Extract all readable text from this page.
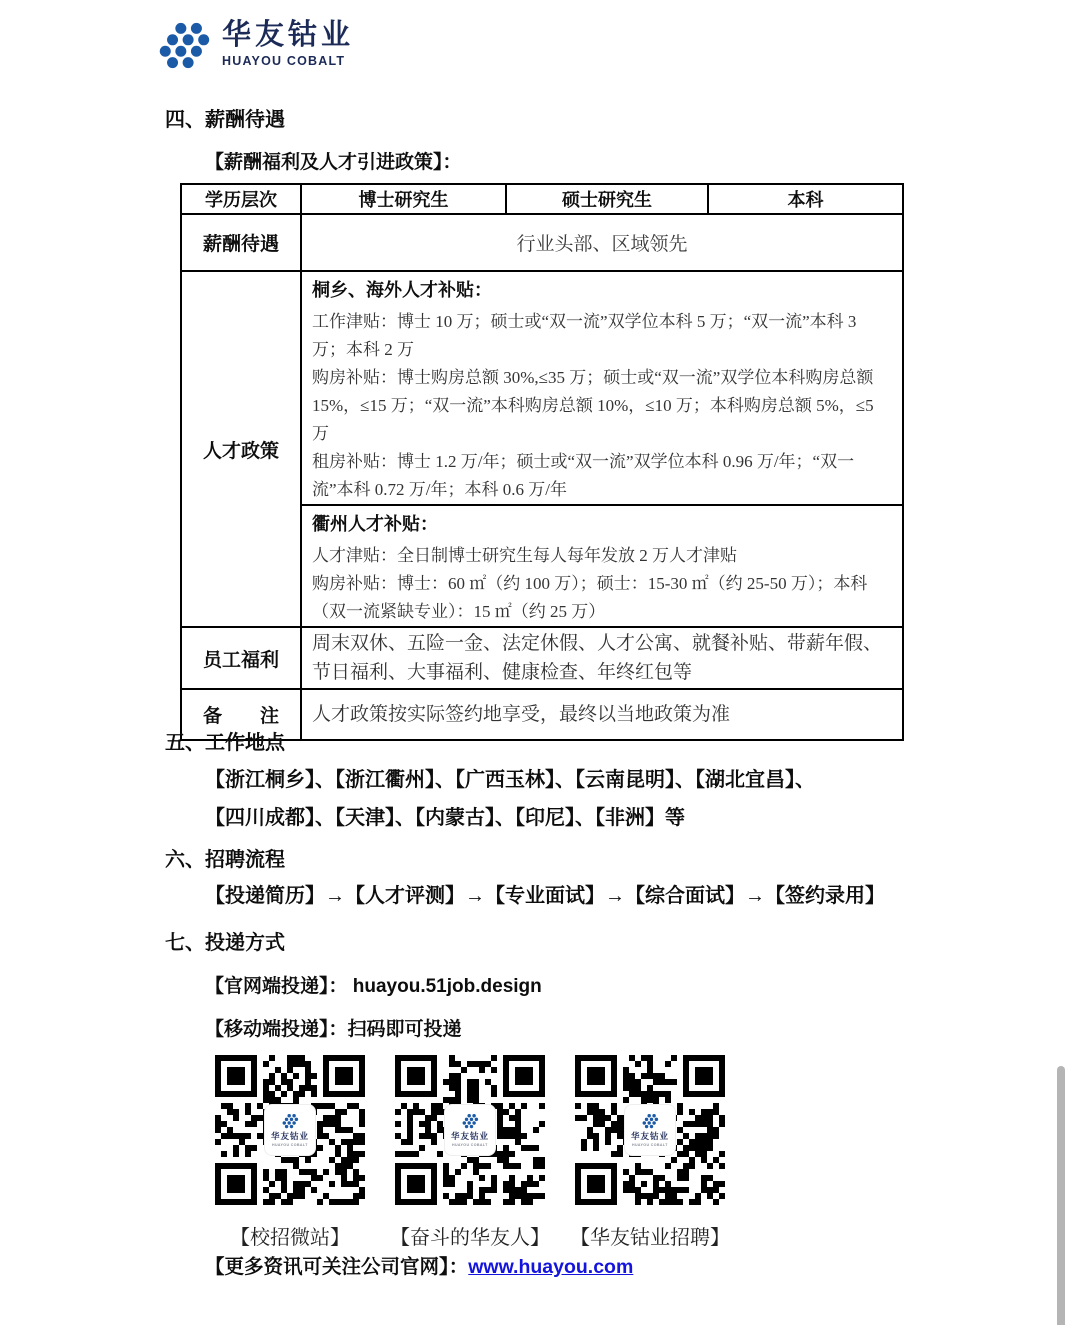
华友钴业
HUAYOU COBALT
四、薪酬待遇
【薪酬福利及人才引进政策】：
学历层次	博士研究生	硕士研究生	本科
薪酬待遇	行业头部、区域领先		
人才政策	桐乡、海外人才补贴：

工作津贴：博士 10 万；硕士或“双一流”双学位本科 5 万；“双一流”本科 3 万；本科 2 万

购房补贴：博士购房总额 30%,≤35 万；硕士或“双一流”双学位本科购房总额 15%，≤15 万；“双一流”本科购房总额 10%，≤10 万；本科购房总额 5%，≤5 万

租房补贴：博士 1.2 万/年；硕士或“双一流”双学位本科 0.96 万/年；“双一流”本科 0.72 万/年；本科 0.6 万/年		

	衢州人才补贴：

人才津贴：全日制博士研究生每人每年发放 2 万人才津贴

购房补贴：博士：60 ㎡（约 100 万）；硕士：15-30 ㎡（约 25-50 万）；本科（双一流紧缺专业）：15 ㎡（约 25 万）		

员工福利	周末双休、五险一金、法定休假、人才公寓、就餐补贴、带薪年假、节日福利、大事福利、健康检查、年终红包等		
备　　注	人才政策按实际签约地享受，最终以当地政策为准		
五、工作地点
【浙江桐乡】、【浙江衢州】、【广西玉林】、【云南昆明】、【湖北宜昌】、
【四川成都】、【天津】、【内蒙古】、【印尼】、【非洲】等
六、招聘流程
【投递简历】→【人才评测】→【专业面试】→【综合面试】→【签约录用】
七、投递方式
【官网端投递】： huayou.51job.design
【移动端投递】：扫码即可投递
华友钴业
HUAYOU COBALT
【校招微站】
华友钴业
HUAYOU COBALT
【奋斗的华友人】
华友钴业
HUAYOU COBALT
【华友钴业招聘】
【更多资讯可关注公司官网】：www.huayou.com
